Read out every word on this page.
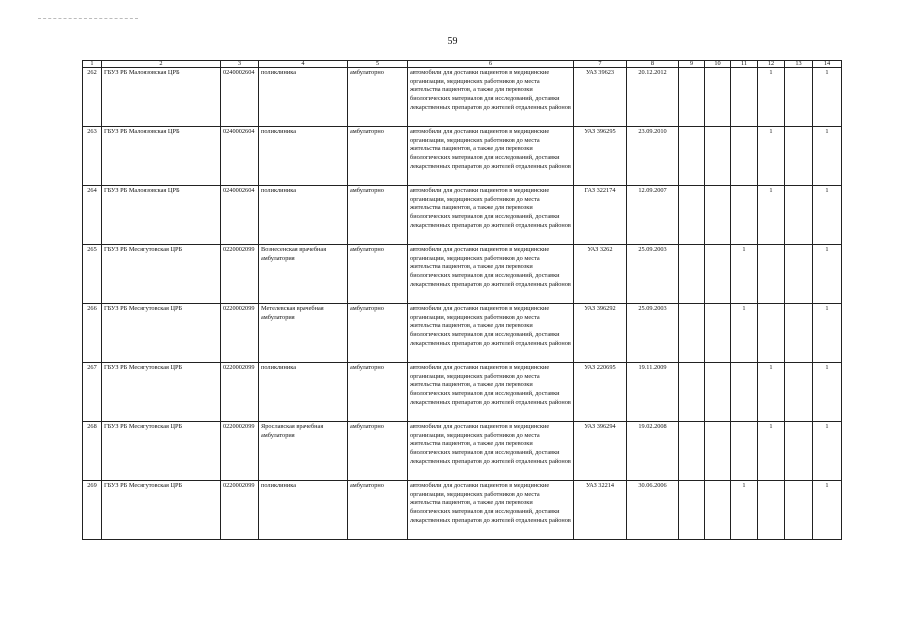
59
1	2	3	4	5	6	7	8	9	10	11	12	13	14
262	ГБУЗ РБ Малоязовская ЦРБ	0240002604	поликлиника	амбулаторно	автомобили для доставки пациентов в медицинские организации, медицинских работников до места жительства пациентов, а также для перевозки биологических материалов для исследований, доставки лекарственных препаратов до жителей отдаленных районов	УАЗ 39623	20.12.2012				1		1
263	ГБУЗ РБ Малоязовская ЦРБ	0240002604	поликлиника	амбулаторно	автомобили для доставки пациентов в медицинские организации, медицинских работников до места жительства пациентов, а также для перевозки биологических материалов для исследований, доставки лекарственных препаратов до жителей отдаленных районов	УАЗ 396295	23.09.2010				1		1
264	ГБУЗ РБ Малоязовская ЦРБ	0240002604	поликлиника	амбулаторно	автомобили для доставки пациентов в медицинские организации, медицинских работников до места жительства пациентов, а также для перевозки биологических материалов для исследований, доставки лекарственных препаратов до жителей отдаленных районов	ГАЗ 322174	12.09.2007				1		1
265	ГБУЗ РБ Месягутовская ЦРБ	0220002099	Вознесенская врачебная амбулатория	амбулаторно	автомобили для доставки пациентов в медицинские организации, медицинских работников до места жительства пациентов, а также для перевозки биологических материалов для исследований, доставки лекарственных препаратов до жителей отдаленных районов	УАЗ 3262	25.09.2003			1			1
266	ГБУЗ РБ Месягутовская ЦРБ	0220002099	Метелевская врачебная амбулатория	амбулаторно	автомобили для доставки пациентов в медицинские организации, медицинских работников до места жительства пациентов, а также для перевозки биологических материалов для исследований, доставки лекарственных препаратов до жителей отдаленных районов	УАЗ 396292	25.09.2003			1			1
267	ГБУЗ РБ Месягутовская ЦРБ	0220002099	поликлиника	амбулаторно	автомобили для доставки пациентов в медицинские организации, медицинских работников до места жительства пациентов, а также для перевозки биологических материалов для исследований, доставки лекарственных препаратов до жителей отдаленных районов	УАЗ 220695	19.11.2009				1		1
268	ГБУЗ РБ Месягутовская ЦРБ	0220002099	Ярославская врачебная амбулатория	амбулаторно	автомобили для доставки пациентов в медицинские организации, медицинских работников до места жительства пациентов, а также для перевозки биологических материалов для исследований, доставки лекарственных препаратов до жителей отдаленных районов	УАЗ 396294	19.02.2008				1		1
269	ГБУЗ РБ Месягутовская ЦРБ	0220002099	поликлиника	амбулаторно	автомобили для доставки пациентов в медицинские организации, медицинских работников до места жительства пациентов, а также для перевозки биологических материалов для исследований, доставки лекарственных препаратов до жителей отдаленных районов	УАЗ 32214	30.06.2006			1			1
